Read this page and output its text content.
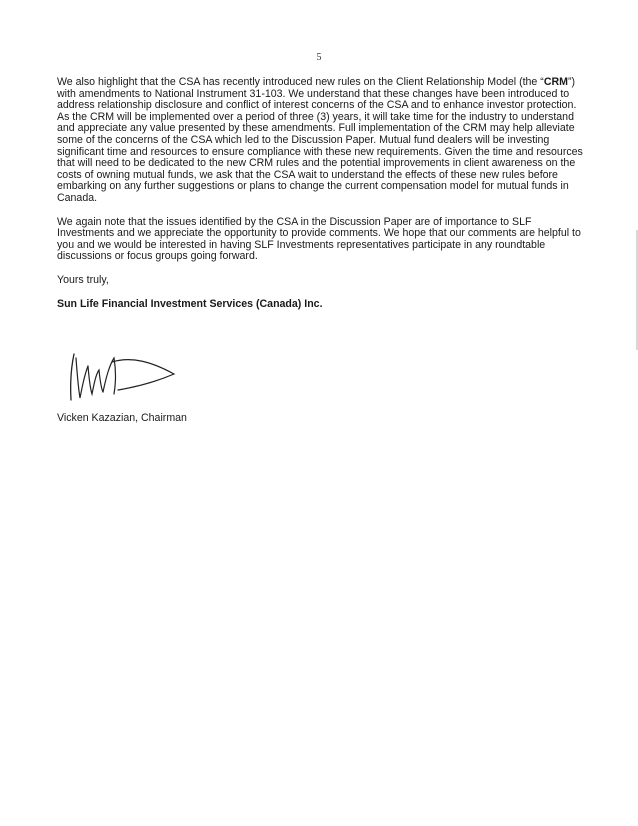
5

We also highlight that the CSA has recently introduced new rules on the Client Relationship Model (the “CRM”)
with amendments to National Instrument 31-103. We understand that these changes have been introduced to
address relationship disclosure and conflict of interest concerns of the CSA and to enhance investor protection.
As the CRM will be implemented over a period of three (3) years, it will take time for the industry to understand
and appreciate any value presented by these amendments. Full implementation of the CRM may help alleviate
some of the concerns of the CSA which led to the Discussion Paper. Mutual fund dealers will be investing
significant time and resources to ensure compliance with these new requirements. Given the time and resources
that will need to be dedicated to the new CRM rules and the potential improvements in client awareness on the
costs of owning mutual funds, we ask that the CSA wait to understand the effects of these new rules before
embarking on any further suggestions or plans to change the current compensation model for mutual funds in
Canada.

We again note that the issues identified by the CSA in the Discussion Paper are of importance to SLF
Investments and we appreciate the opportunity to provide comments. We hope that our comments are helpful to
you and we would be interested in having SLF Investments representatives participate in any roundtable
discussions or focus groups going forward.

Yours truly,

Sun Life Financial Investment Services (Canada) Inc.

Vicken Kazazian, Chairman
